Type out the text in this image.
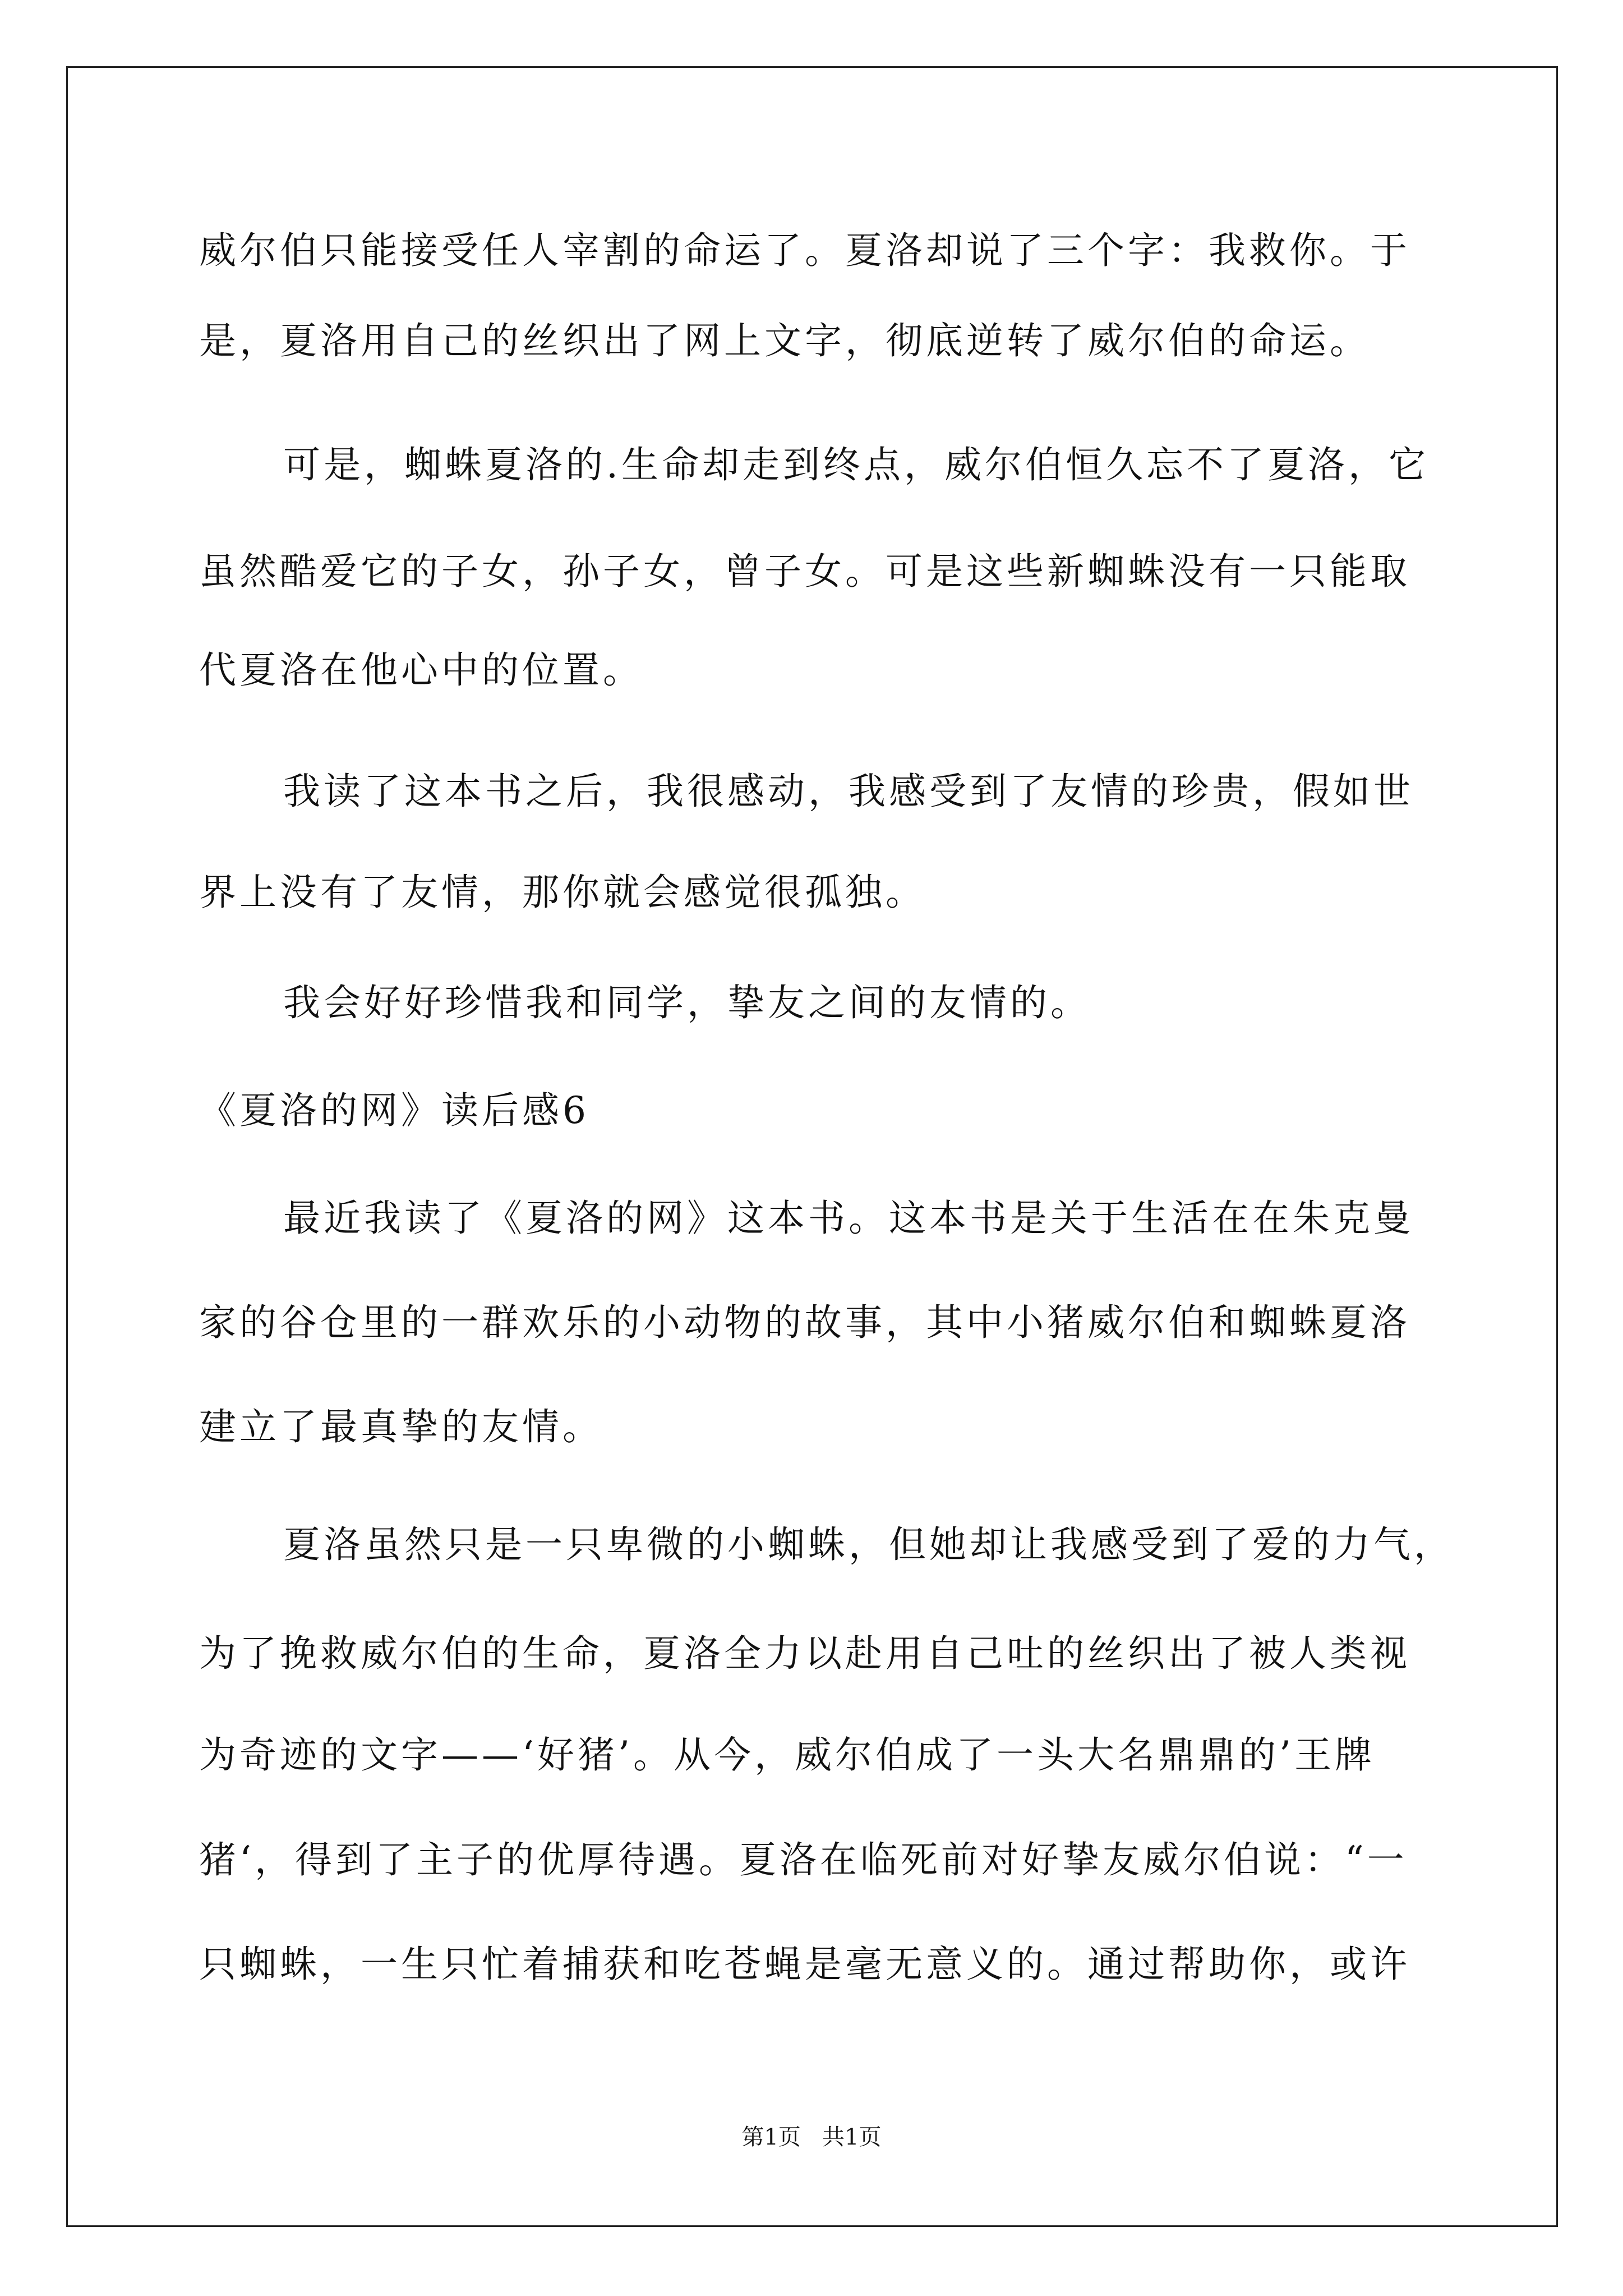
威尔伯只能接受任人宰割的命运了。夏洛却说了三个字：我救你。于
是，夏洛用自己的丝织出了网上文字，彻底逆转了威尔伯的命运。
可是，蜘蛛夏洛的.生命却走到终点，威尔伯恒久忘不了夏洛，它
虽然酷爱它的子女，孙子女，曾子女。可是这些新蜘蛛没有一只能取
代夏洛在他心中的位置。
我读了这本书之后，我很感动，我感受到了友情的珍贵，假如世
界上没有了友情，那你就会感觉很孤独。
我会好好珍惜我和同学，挚友之间的友情的。
《夏洛的网》读后感6
最近我读了《夏洛的网》这本书。这本书是关于生活在在朱克曼
家的谷仓里的一群欢乐的小动物的故事，其中小猪威尔伯和蜘蛛夏洛
建立了最真挚的友情。
夏洛虽然只是一只卑微的小蜘蛛，但她却让我感受到了爱的力气，
为了挽救威尔伯的生命，夏洛全力以赴用自己吐的丝织出了被人类视
为奇迹的文字——‘好猪’。从今，威尔伯成了一头大名鼎鼎的’王牌
猪‘，得到了主子的优厚待遇。夏洛在临死前对好挚友威尔伯说：“一
只蜘蛛，一生只忙着捕获和吃苍蝇是毫无意义的。通过帮助你，或许
第1页   共1页
